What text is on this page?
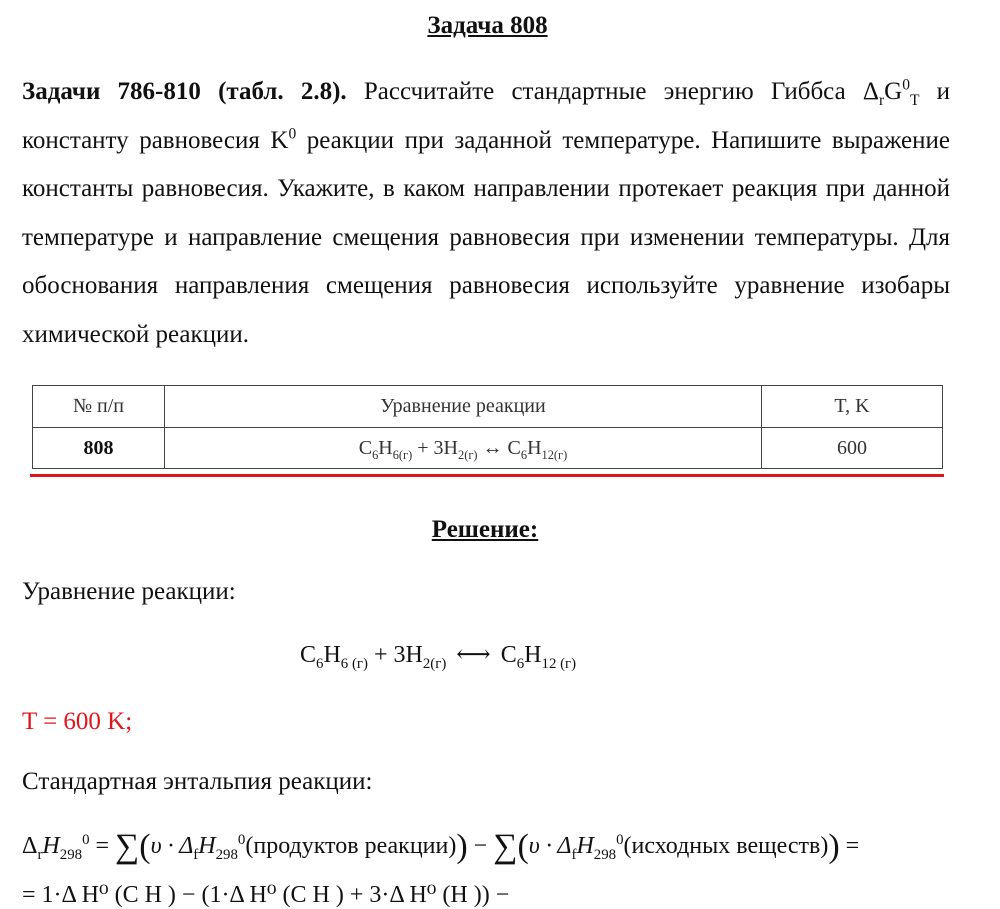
Задача 808
Задачи 786-810 (табл. 2.8). Рассчитайте стандартные энергию Гиббса $\Delta_rG^0_T$ и константу равновесия $K^0$ реакции при заданной температуре. Напишите выражение константы равновесия. Укажите, в каком направлении протекает реакция при данной температуре и направление смещения равновесия при изменении температуры. Для обоснования направления смещения равновесия используйте уравнение изобары химической реакции.
№ п/п	Уравнение реакции	T, K
808	$C_6H_{6(г)} + 3H_{2(г)}$ ↔ $C_6H_{12(г)}$	600
Решение:
Уравнение реакции:
$C_6H_{6 (г)} + 3H_{2(г)}$ ⟷ $C_6H_{12 (г)}$
T = 600 K;
Стандартная энтальпия реакции:
$\Delta_rH_{298}^0 = \sum(\upsilon$ · $\Delta_fH_{298}^0(продуктов$ реакции)) − $\sum(\upsilon \cdot \Delta_fH_{298}^0(исходных$ веществ)) =
= 1·Δ H⁰ (C H ) − (1·Δ H⁰ (C H ) + 3·Δ H⁰ (H )) −
